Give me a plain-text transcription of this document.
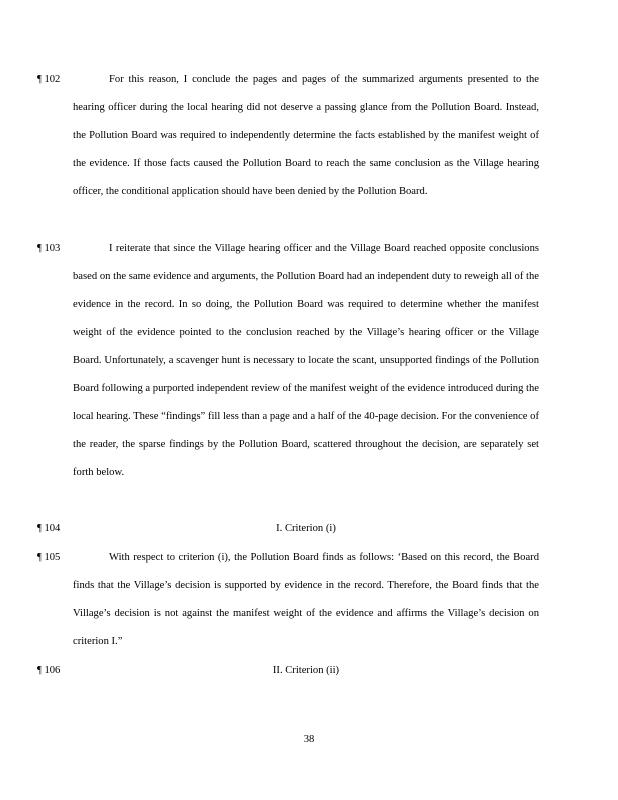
¶ 102	For this reason, I conclude the pages and pages of the summarized arguments presented to the hearing officer during the local hearing did not deserve a passing glance from the Pollution Board. Instead, the Pollution Board was required to independently determine the facts established by the manifest weight of the evidence. If those facts caused the Pollution Board to reach the same conclusion as the Village hearing officer, the conditional application should have been denied by the Pollution Board.
¶ 103	I reiterate that since the Village hearing officer and the Village Board reached opposite conclusions based on the same evidence and arguments, the Pollution Board had an independent duty to reweigh all of the evidence in the record. In so doing, the Pollution Board was required to determine whether the manifest weight of the evidence pointed to the conclusion reached by the Village’s hearing officer or the Village Board. Unfortunately, a scavenger hunt is necessary to locate the scant, unsupported findings of the Pollution Board following a purported independent review of the manifest weight of the evidence introduced during the local hearing. These “findings” fill less than a page and a half of the 40-page decision. For the convenience of the reader, the sparse findings by the Pollution Board, scattered throughout the decision, are separately set forth below.
¶ 104	I. Criterion (i)
¶ 105	With respect to criterion (i), the Pollution Board finds as follows: ‘Based on this record, the Board finds that the Village’s decision is supported by evidence in the record. Therefore, the Board finds that the Village’s decision is not against the manifest weight of the evidence and affirms the Village’s decision on criterion I.”
¶ 106	II. Criterion (ii)
38
